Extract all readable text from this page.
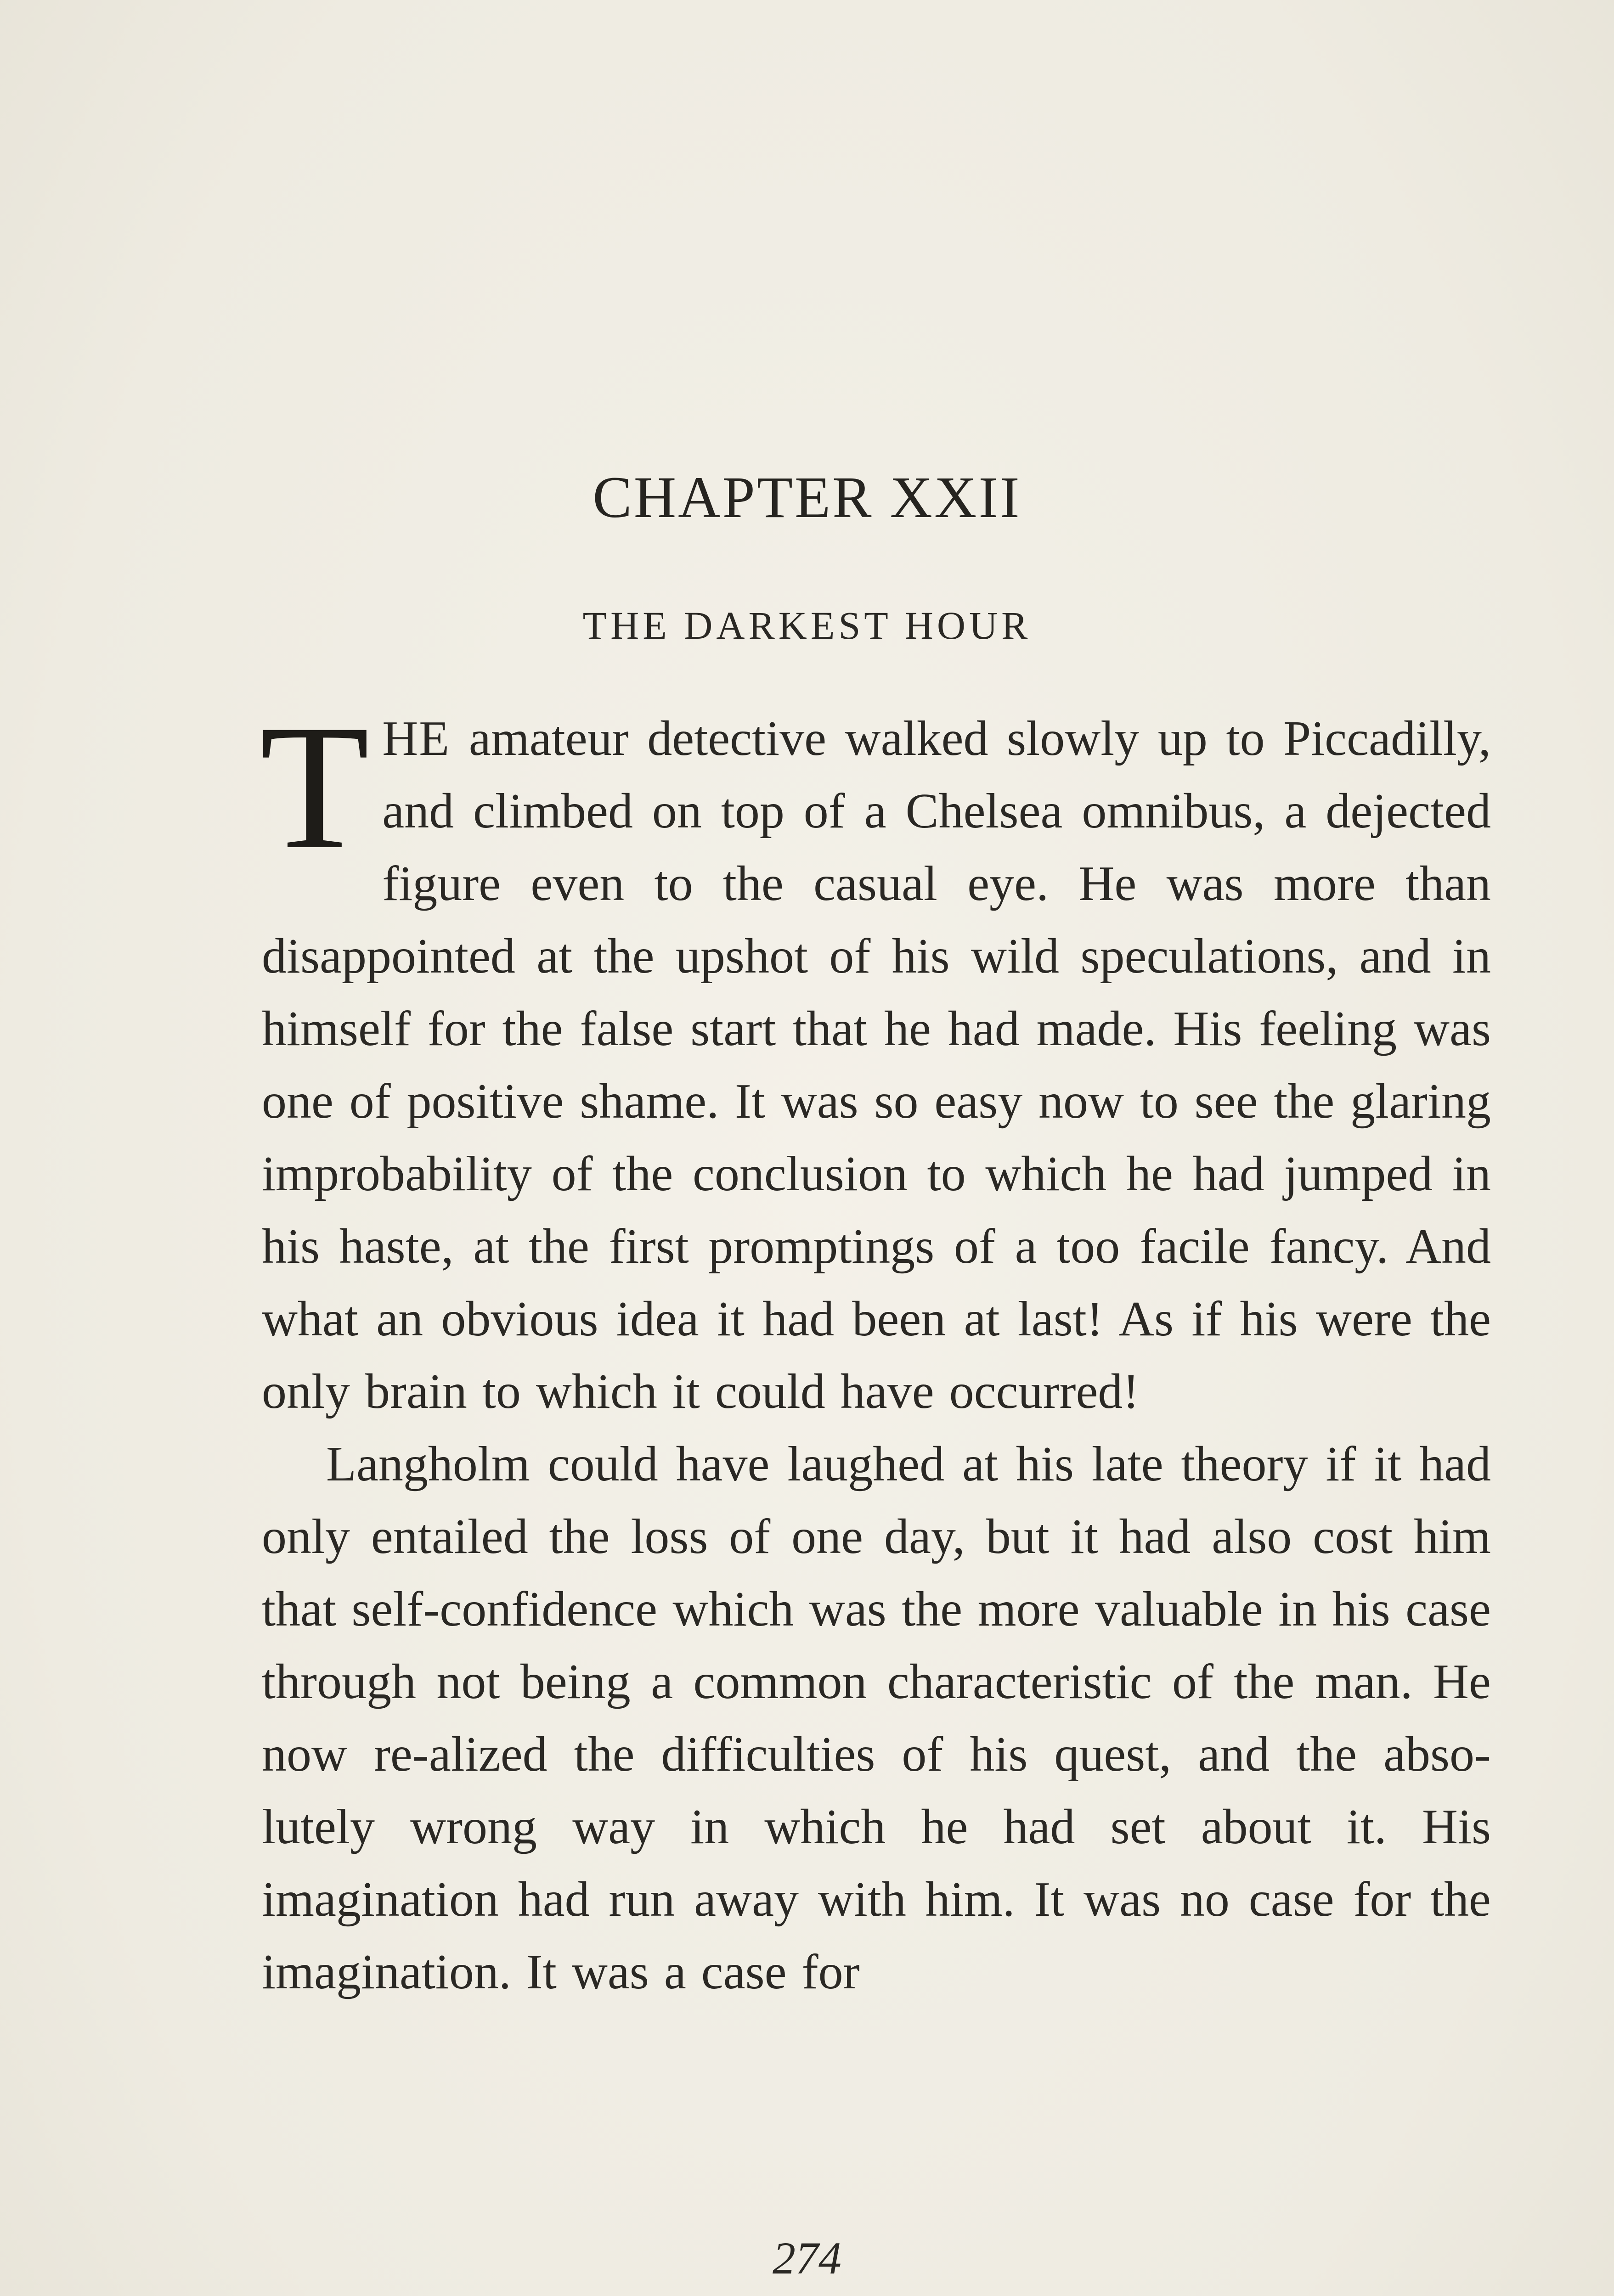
CHAPTER XXII
THE DARKEST HOUR

THE amateur detective walked slowly up to Piccadilly, and climbed on top of a Chelsea omnibus, a dejected figure even to the casual eye. He was more than disappointed at the upshot of his wild speculations, and in himself for the false start that he had made. His feeling was one of positive shame. It was so easy now to see the glaring improbability of the conclusion to which he had jumped in his haste, at the first promptings of a too facile fancy. And what an obvious idea it had been at last! As if his were the only brain to which it could have occurred!

Langholm could have laughed at his late theory if it had only entailed the loss of one day, but it had also cost him that self-confidence which was the more valuable in his case through not being a common characteristic of the man. He now re-alized the difficulties of his quest, and the abso-lutely wrong way in which he had set about it. His imagination had run away with him. It was no case for the imagination. It was a case for

274
